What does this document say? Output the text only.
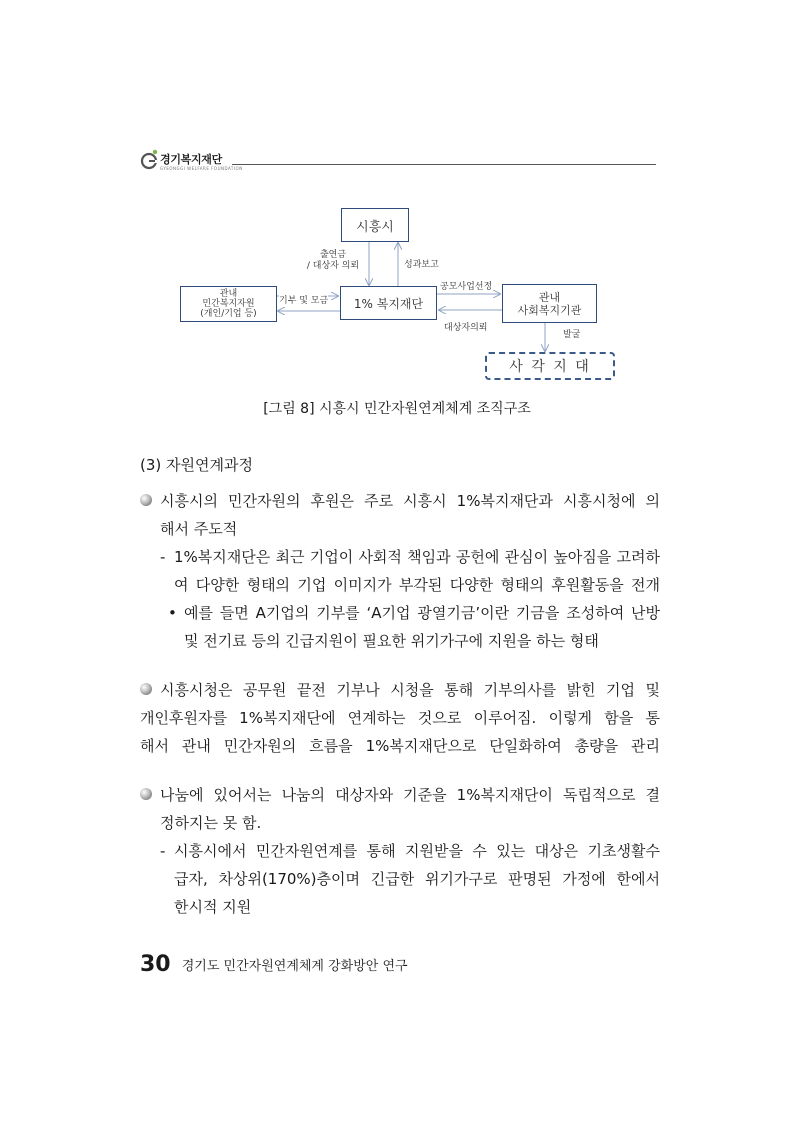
경기복지재단
GYEONGGI WELFARE FOUNDATION
시흥시
1% 복지재단
관내
민간복지자원
(개인/기업 등)
관내
사회복지기관
사 각 지 대
출연금
/ 대상자 의뢰	성과보고
공모사업선정
기부 및 모금
대상자의뢰
발굴
[그림 8] 시흥시 민간자원연계체계 조직구조
(3) 자원연계과정
시흥시의 민간자원의 후원은 주로 시흥시 1%복지재단과 시흥시청에 의
해서 주도적
- 1%복지재단은 최근 기업이 사회적 책임과 공헌에 관심이 높아짐을 고려하
여 다양한 형태의 기업 이미지가 부각된 다양한 형태의 후원활동을 전개
• 예를 들면 A기업의 기부를 ‘A기업 광열기금’이란 기금을 조성하여 난방
및 전기료 등의 긴급지원이 필요한 위기가구에 지원을 하는 형태
시흥시청은 공무원 끝전 기부나 시청을 통해 기부의사를 밝힌 기업 및
개인후원자를 1%복지재단에 연계하는 것으로 이루어짐. 이렇게 함을 통
해서 관내 민간자원의 흐름을 1%복지재단으로 단일화하여 총량을 관리
나눔에 있어서는 나눔의 대상자와 기준을 1%복지재단이 독립적으로 결
정하지는 못 함.
- 시흥시에서 민간자원연계를 통해 지원받을 수 있는 대상은 기초생활수
급자, 차상위(170%)층이며 긴급한 위기가구로 판명된 가정에 한에서
한시적 지원
30 경기도 민간자원연계체계 강화방안 연구
